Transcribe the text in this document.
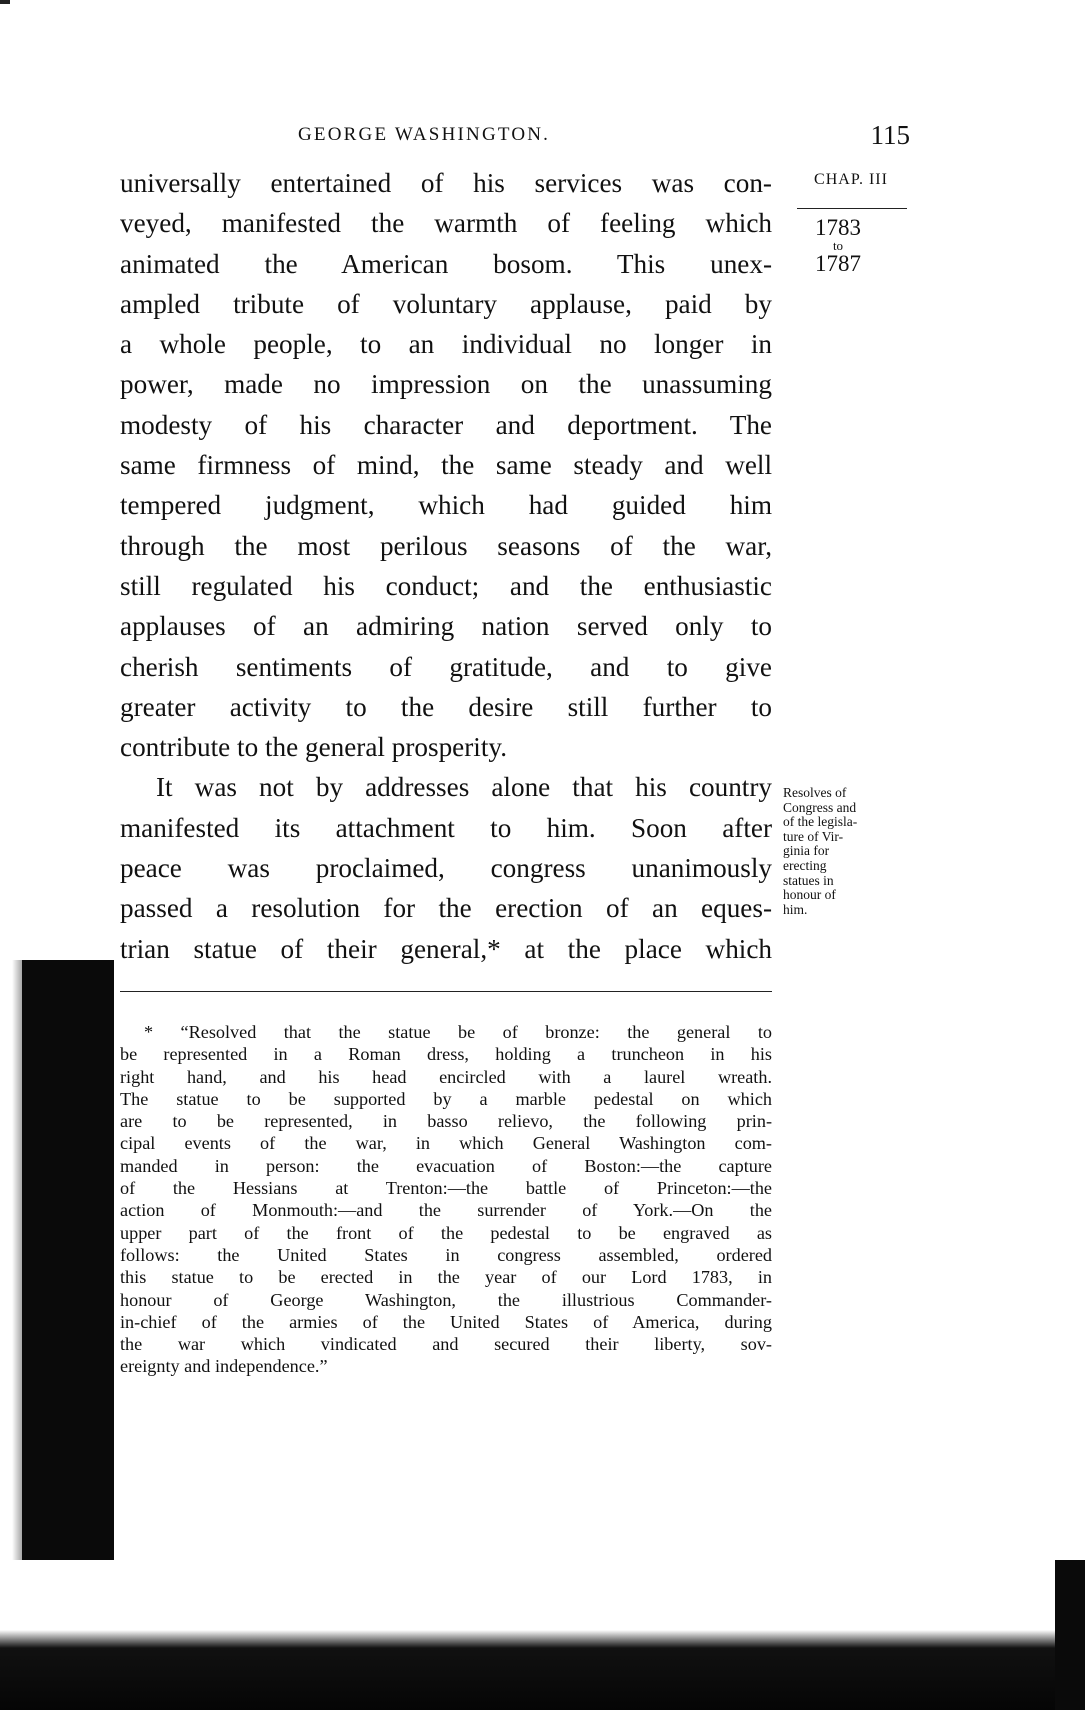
GEORGE WASHINGTON.	115
CHAP. III
1783
to
1787
universally entertained of his services was con-
veyed, manifested the warmth of feeling which
animated the American bosom. This unex-
ampled tribute of voluntary applause, paid by
a whole people, to an individual no longer in
power, made no impression on the unassuming
modesty of his character and deportment. The
same firmness of mind, the same steady and well
tempered judgment, which had guided him
through the most perilous seasons of the war,
still regulated his conduct; and the enthusiastic
applauses of an admiring nation served only to
cherish sentiments of gratitude, and to give
greater activity to the desire still further to
contribute to the general prosperity.
It was not by addresses alone that his country
manifested its attachment to him. Soon after
peace was proclaimed, congress unanimously
passed a resolution for the erection of an eques-
trian statue of their general,* at the place which
Resolves of
Congress and
of the legisla-
ture of Vir-
ginia for
erecting
statues in
honour of
him.
* “Resolved that the statue be of bronze: the general to
be represented in a Roman dress, holding a truncheon in his
right hand, and his head encircled with a laurel wreath.
The statue to be supported by a marble pedestal on which
are to be represented, in basso relievo, the following prin-
cipal events of the war, in which General Washington com-
manded in person: the evacuation of Boston:—the capture
of the Hessians at Trenton:—the battle of Princeton:—the
action of Monmouth:—and the surrender of York.—On the
upper part of the front of the pedestal to be engraved as
follows: the United States in congress assembled, ordered
this statue to be erected in the year of our Lord 1783, in
honour of George Washington, the illustrious Commander-
in-chief of the armies of the United States of America, during
the war which vindicated and secured their liberty, sov-
ereignty and independence.”
